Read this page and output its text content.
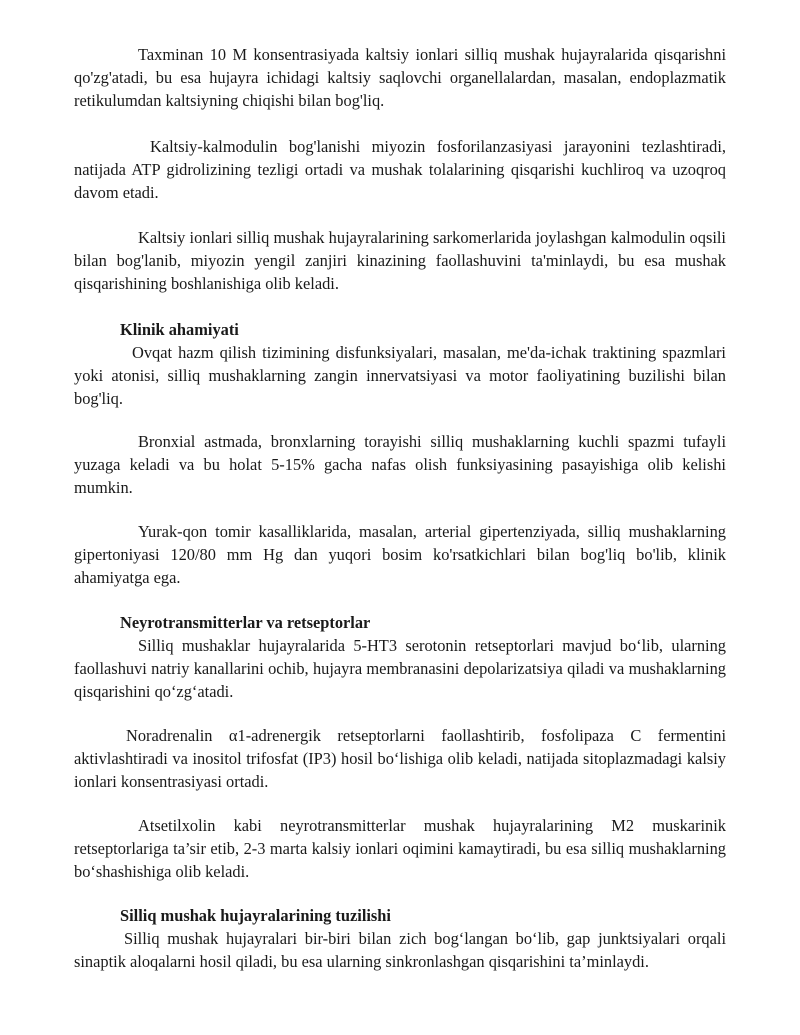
Taxminan 10 M konsentrasiyada kaltsiy ionlari silliq mushak hujayralarida qisqarishni qo'zg'atadi, bu esa hujayra ichidagi kaltsiy saqlovchi organellalardan, masalan, endoplazmatik retikulumdan kaltsiyning chiqishi bilan bog'liq.

Kaltsiy-kalmodulin bog'lanishi miyozin fosforilanzasiyasi jarayonini tezlashtiradi, natijada ATP gidrolizining tezligi ortadi va mushak tolalarining qisqarishi kuchliroq va uzoqroq davom etadi.

Kaltsiy ionlari silliq mushak hujayralarining sarkomerlarida joylashgan kalmodulin oqsili bilan bog'lanib, miyozin yengil zanjiri kinazining faollashuvini ta'minlaydi, bu esa mushak qisqarishining boshlanishiga olib keladi.

Klinik ahamiyati

Ovqat hazm qilish tizimining disfunksiyalari, masalan, me'da-ichak traktining spazmlari yoki atonisi, silliq mushaklarning zangin innervatsiyasi va motor faoliyatining buzilishi bilan bog'liq.

Bronxial astmada, bronxlarning torayishi silliq mushaklarning kuchli spazmi tufayli yuzaga keladi va bu holat 5-15% gacha nafas olish funksiyasining pasayishiga olib kelishi mumkin.

Yurak-qon tomir kasalliklarida, masalan, arterial gipertenziyada, silliq mushaklarning gipertoniyasi 120/80 mm Hg dan yuqori bosim ko'rsatkichlari bilan bog'liq bo'lib, klinik ahamiyatga ega.

Neyrotransmitterlar va retseptorlar

Silliq mushaklar hujayralarida 5-HT3 serotonin retseptorlari mavjud bo‘lib, ularning faollashuvi natriy kanallarini ochib, hujayra membranasini depolarizatsiya qiladi va mushaklarning qisqarishini qo‘zg‘atadi.

Noradrenalin α1-adrenergik retseptorlarni faollashtirib, fosfolipaza C fermentini aktivlashtiradi va inositol trifosfat (IP3) hosil bo‘lishiga olib keladi, natijada sitoplazmadagi kalsiy ionlari konsentrasiyasi ortadi.

Atsetilxolin kabi neyrotransmitterlar mushak hujayralarining M2 muskarinik retseptorlariga ta’sir etib, 2-3 marta kalsiy ionlari oqimini kamaytiradi, bu esa silliq mushaklarning bo‘shashishiga olib keladi.

Silliq mushak hujayralarining tuzilishi

Silliq mushak hujayralari bir-biri bilan zich bog‘langan bo‘lib, gap junktsiyalari orqali sinaptik aloqalarni hosil qiladi, bu esa ularning sinkronlashgan qisqarishini ta’minlaydi.
